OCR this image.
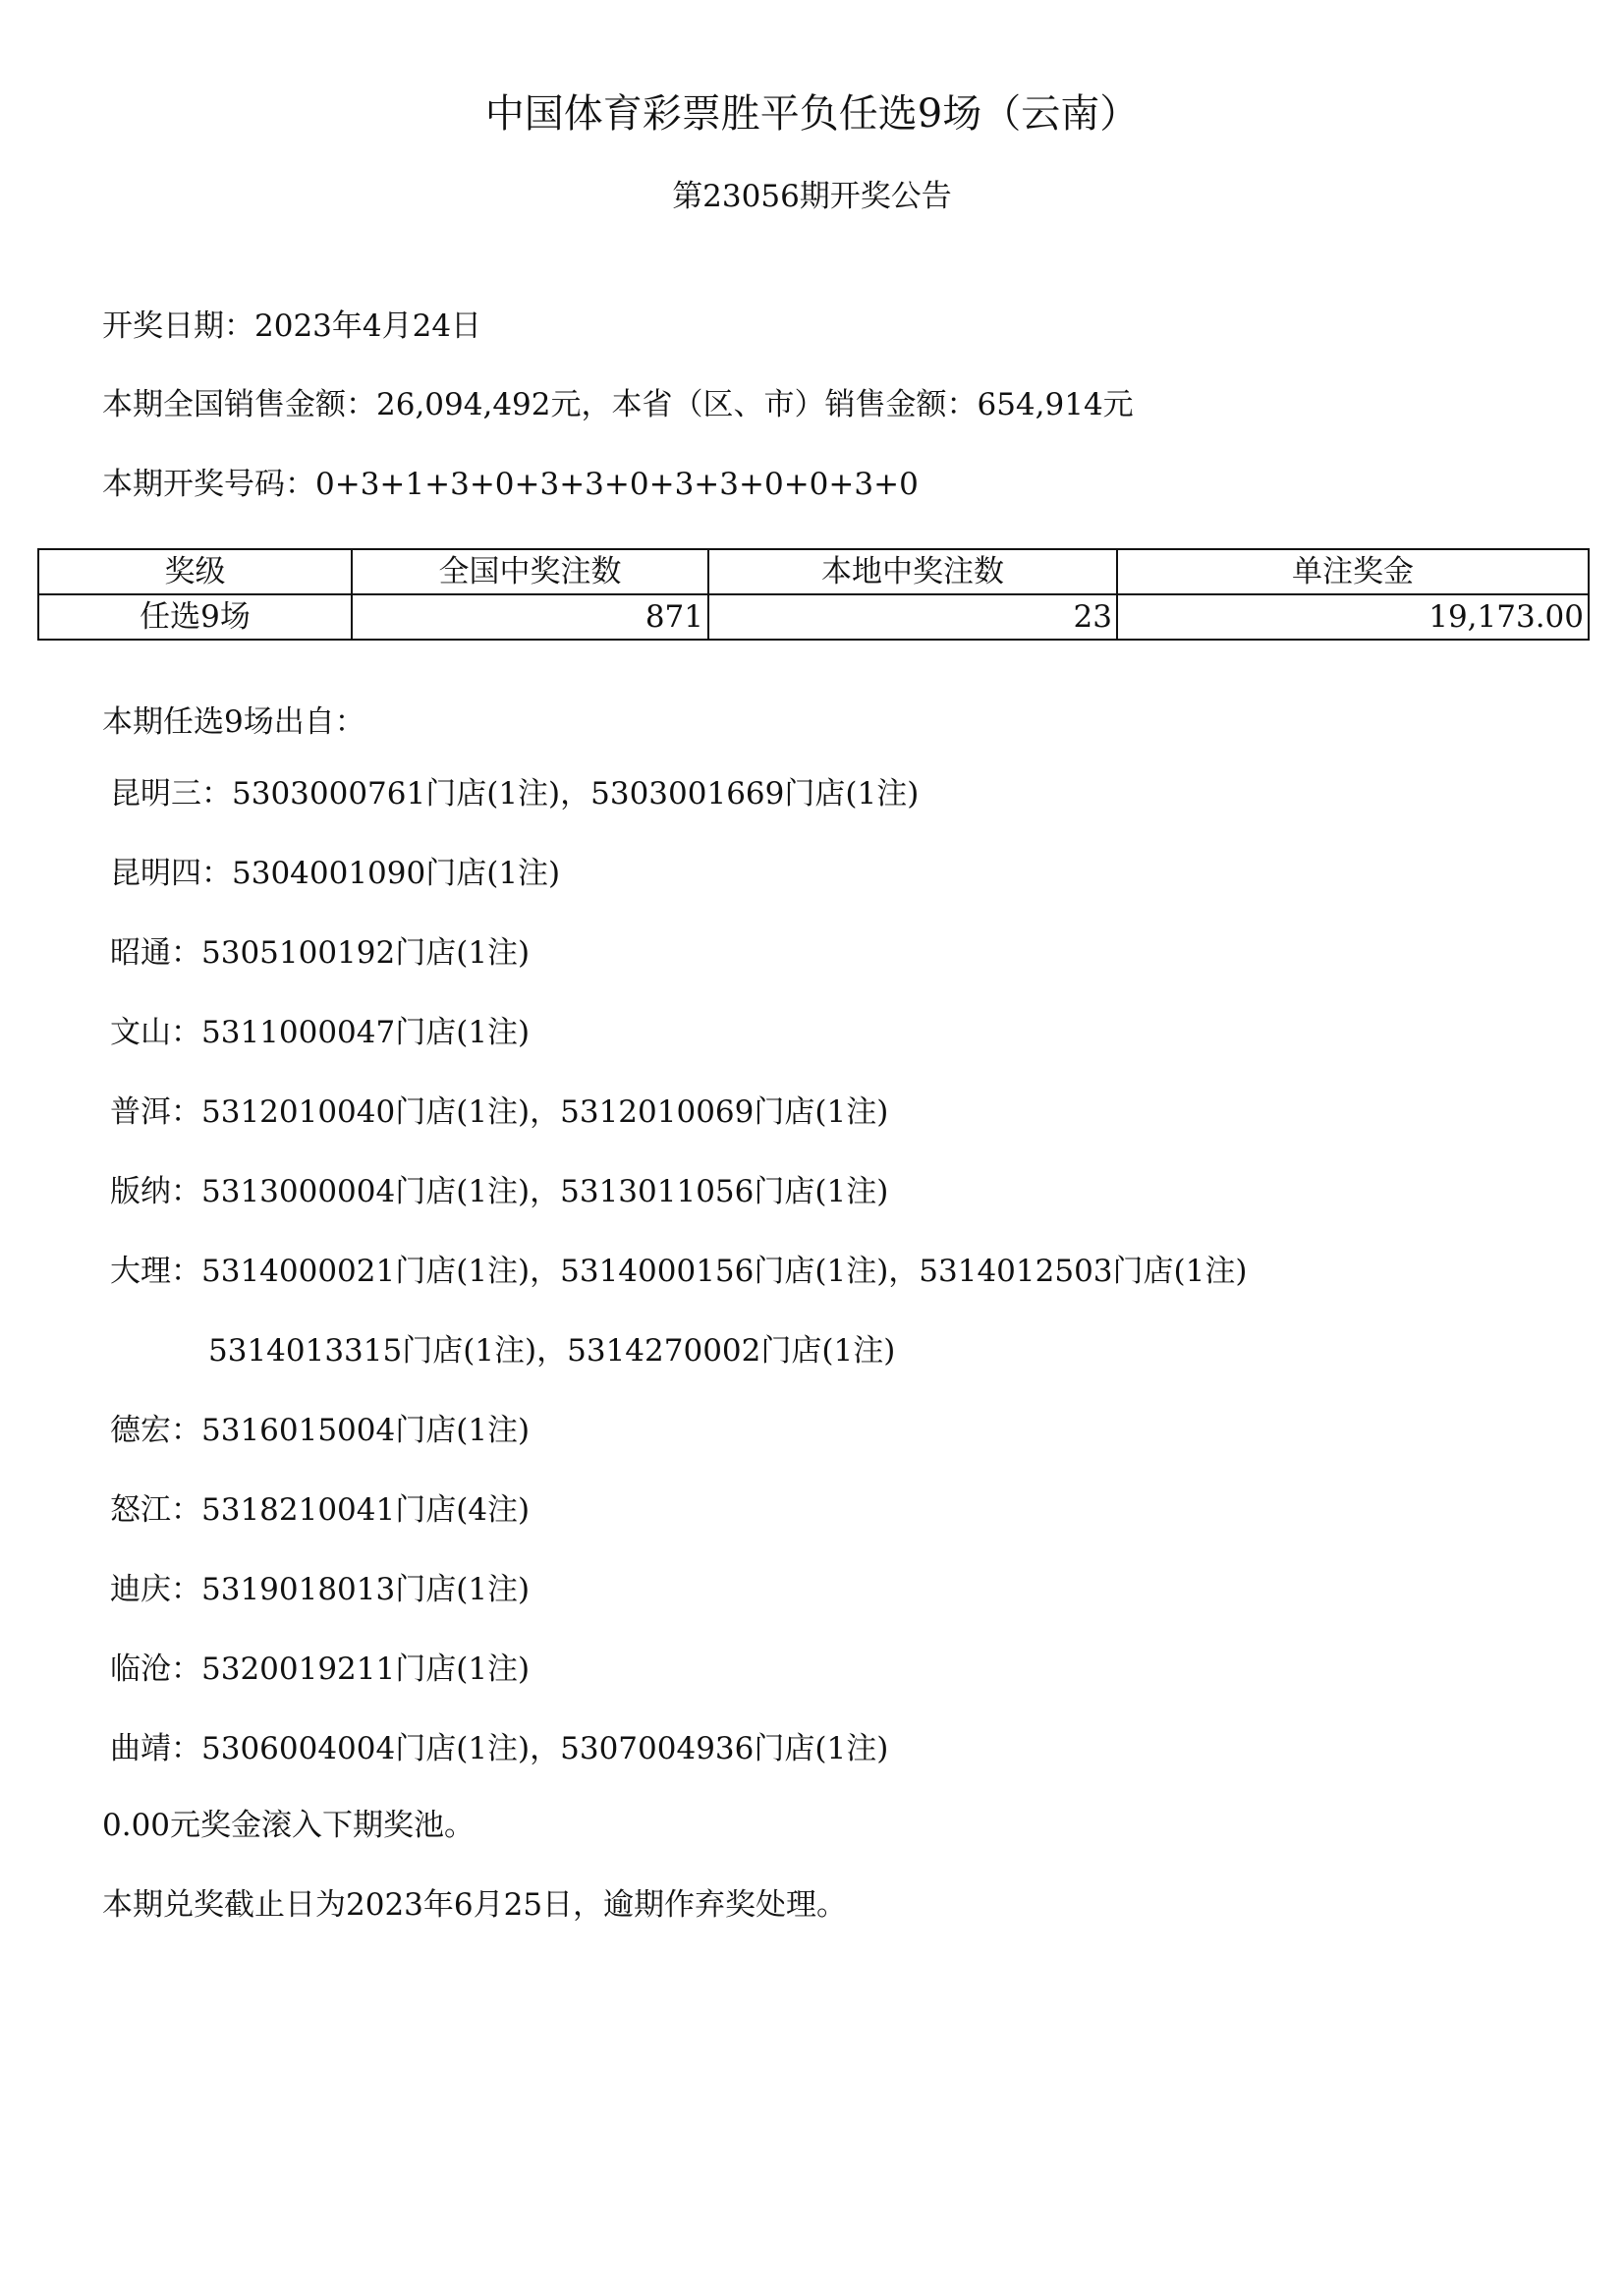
中国体育彩票胜平负任选9场（云南）
第23056期开奖公告
开奖日期：2023年4月24日
本期全国销售金额：26,094,492元，本省（区、市）销售金额：654,914元
本期开奖号码：0+3+1+3+0+3+3+0+3+3+0+0+3+0
奖级	全国中奖注数	本地中奖注数	单注奖金
任选9场	871	23	19,173.00
本期任选9场出自：
昆明三：5303000761门店(1注)，5303001669门店(1注)
昆明四：5304001090门店(1注)
昭通：5305100192门店(1注)
文山：5311000047门店(1注)
普洱：5312010040门店(1注)，5312010069门店(1注)
版纳：5313000004门店(1注)，5313011056门店(1注)
大理：5314000021门店(1注)，5314000156门店(1注)，5314012503门店(1注)
5314013315门店(1注)，5314270002门店(1注)
德宏：5316015004门店(1注)
怒江：5318210041门店(4注)
迪庆：5319018013门店(1注)
临沧：5320019211门店(1注)
曲靖：5306004004门店(1注)，5307004936门店(1注)
0.00元奖金滚入下期奖池。
本期兑奖截止日为2023年6月25日，逾期作弃奖处理。
